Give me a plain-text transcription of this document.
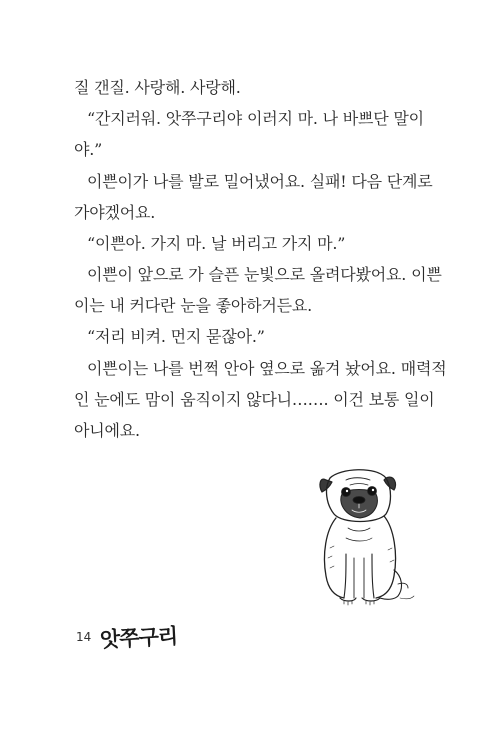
질 갠질. 사랑해. 사랑해.
“간지러워. 앗쭈구리야 이러지 마. 나 바쁘단 말이
야.”
이쁜이가 나를 발로 밀어냈어요. 실패! 다음 단계로
가야겠어요.
“이쁜아. 가지 마. 날 버리고 가지 마.”
이쁜이 앞으로 가 슬픈 눈빛으로 올려다봤어요. 이쁜
이는 내 커다란 눈을 좋아하거든요.
“저리 비켜. 먼지 묻잖아.”
이쁜이는 나를 번쩍 안아 옆으로 옮겨 놨어요. 매력적
인 눈에도 맘이 움직이지 않다니……. 이건 보통 일이
아니에요.
14 앗쭈구리
